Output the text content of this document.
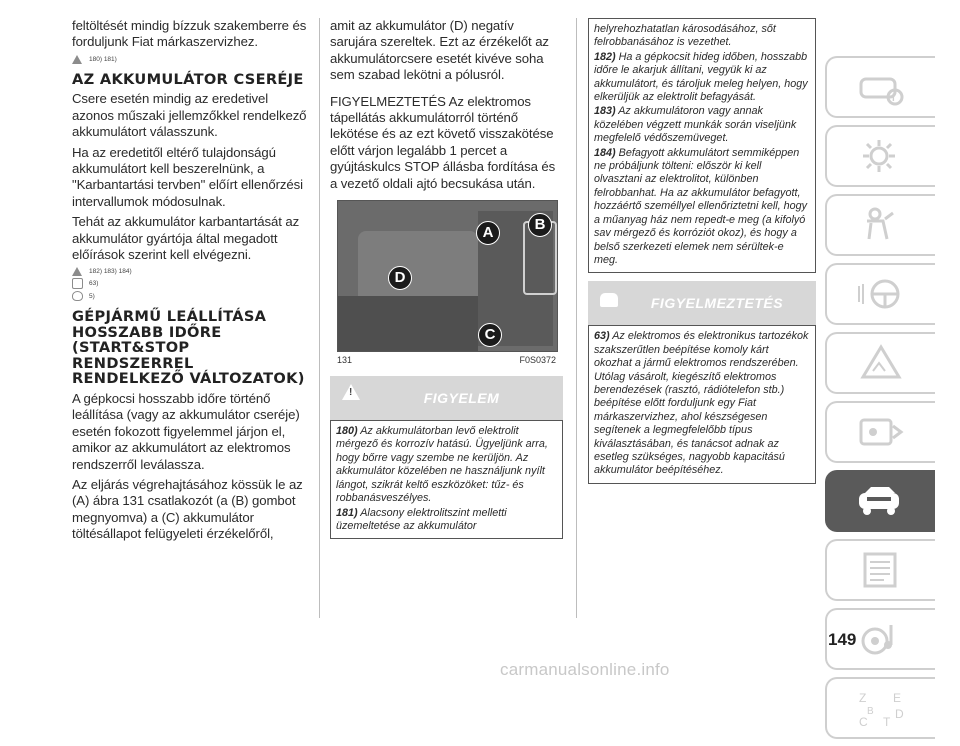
feltöltését mindig bízzuk szakemberre és forduljunk Fiat márkaszervizhez.

180) 181)
AZ AKKUMULÁTOR CSERÉJE

Csere esetén mindig az eredetivel azonos műszaki jellemzőkkel rendelkező akkumulátort válasszunk.

Ha az eredetitől eltérő tulajdonságú akkumulátort kell beszerelnünk, a "Karbantartási tervben" előírt ellenőrzési intervallumok módosulnak.

Tehát az akkumulátor karbantartását az akkumulátor gyártója által megadott előírások szerint kell elvégezni.

182) 183) 184)
63)
5)
GÉPJÁRMŰ LEÁLLÍTÁSA HOSSZABB IDŐRE (START&STOP RENDSZERREL RENDELKEZŐ VÁLTOZATOK)

A gépkocsi hosszabb időre történő leállítása (vagy az akkumulátor cseréje) esetén fokozott figyelemmel járjon el, amikor az akkumulátort az elektromos rendszerről leválassza.

Az eljárás végrehajtásához kössük le az (A) ábra 131 csatlakozót (a (B) gombot megnyomva) a (C) akkumulátor töltésállapot felügyeleti érzékelőről,

amit az akkumulátor (D) negatív sarujára szereltek. Ezt az érzékelőt az akkumulátorcsere esetét kivéve soha sem szabad lekötni a pólusról.

FIGYELMEZTETÉS Az elektromos tápellátás akkumulátorról történő lekötése és az ezt követő visszakötése előtt várjon legalább 1 percet a gyújtáskulcs STOP állásba fordítása és a vezető oldali ajtó becsukása után.

A	B
C
D
131	F0S0372
!	FIGYELEM

180) Az akkumulátorban levő elektrolit mérgező és korrozív hatású. Ügyeljünk arra, hogy bőrre vagy szembe ne kerüljön. Az akkumulátor közelében ne használjunk nyílt lángot, szikrát keltő eszközöket: tűz- és robbanásveszélyes.

181) Alacsony elektrolitszint melletti üzemeltetése az akkumulátor

helyrehozhatatlan károsodásához, sőt felrobbanásához is vezethet.

182) Ha a gépkocsit hideg időben, hosszabb időre le akarjuk állítani, vegyük ki az akkumulátort, és tároljuk meleg helyen, hogy elkerüljük az elektrolit befagyását.

183) Az akkumulátoron vagy annak közelében végzett munkák során viseljünk megfelelő védőszemüveget.

184) Befagyott akkumulátort semmiképpen ne próbáljunk tölteni: először ki kell olvasztani az elektrolitot, különben felrobbanhat. Ha az akkumulátor befagyott, hozzáértő személlyel ellenőriztetni kell, hogy a műanyag ház nem repedt-e meg (a kifolyó sav mérgező és korróziót okoz), és hogy a belső szerkezeti elemek nem sérültek-e meg.

FIGYELMEZTETÉS

63) Az elektromos és elektronikus tartozékok szakszerűtlen beépítése komoly kárt okozhat a jármű elektromos rendszerében. Utólag vásárolt, kiegészítő elektromos berendezések (rasztó, rádiótelefon stb.) beépítése előtt forduljunk egy Fiat márkaszervizhez, ahol készségesen segítenek a legmegfelelőbb típus kiválasztásában, és tanácsot adnak az esetleg szükséges, nagyobb kapacitású akkumulátor beépítéséhez.

i
Z E
B
T
C
D
149
carmanualsonline.info
